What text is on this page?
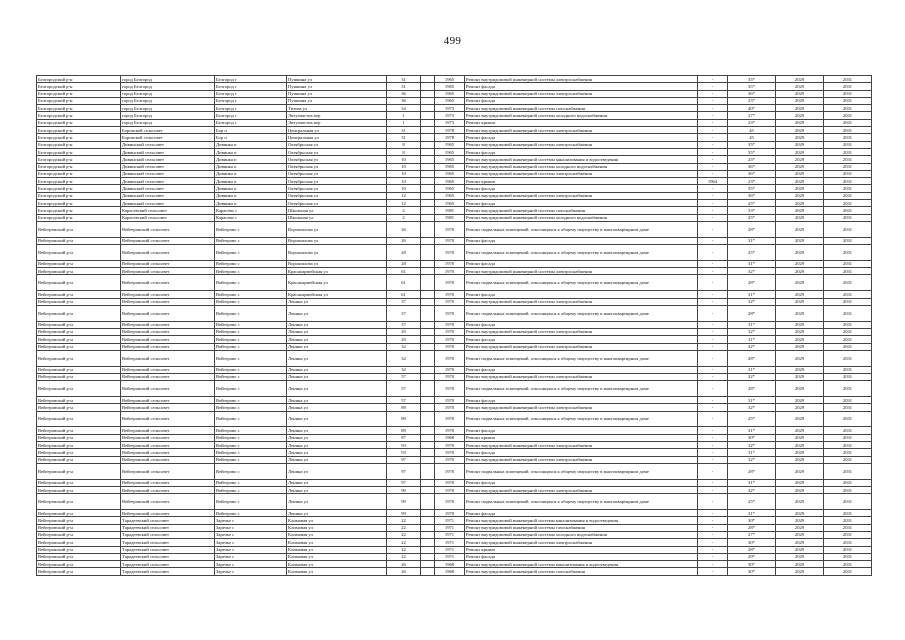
499
Белгородский р-н	город Белгород	Белгород г	Пушкина ул	31		1965	Ремонт внутридомовой инженерной системы электроснабжения	-	35*	2029	2031
Белгородский р-н	город Белгород	Белгород г	Пушкина ул	31		1965	Ремонт фасада	-	35*	2029	2031
Белгородский р-н	город Белгород	Белгород г	Пушкина ул	36		1965	Ремонт внутридомовой инженерной системы электроснабжения	-	36*	2029	2031
Белгородский р-н	город Белгород	Белгород г	Пушкина ул	36		1965	Ремонт фасада	-	23*	2029	2031
Белгородский р-н	город Белгород	Белгород г	Титова ул	34		1973	Ремонт внутридомовой инженерной системы газоснабжения	-	40*	2029	2031
Белгородский р-н	город Белгород	Белгород г	Энтузиастов пер	1		1973	Ремонт внутридомовой инженерной системы холодного водоснабжения	-	27*	2029	2031
Белгородский р-н	город Белгород	Белгород г	Энтузиастов пер	1		1973	Ремонт крыши	-	23*	2029	2031
Белгородский р-н	Боровской сельсовет	Бор п	Центральная ул	31		1978	Ремонт внутридомовой инженерной системы электроснабжения	-	45	2029	2031
Белгородский р-н	Боровской сельсовет	Бор п	Центральная ул	31		1978	Ремонт фасада	-	45	2029	2031
Белгородский р-н	Дивинский сельсовет	Дивинка п	Октябрьская ул	8		1965	Ремонт внутридомовой инженерной системы электроснабжения	-	35*	2029	2031
Белгородский р-н	Дивинский сельсовет	Дивинка п	Октябрьская ул	8		1965	Ремонт фасада	-	35*	2029	2031
Белгородский р-н	Дивинский сельсовет	Дивинка п	Октябрьская ул	10		1965	Ремонт внутридомовой инженерной системы канализования и водоотведения	-	25*	2029	2031
Белгородский р-н	Дивинский сельсовет	Дивинка п	Октябрьская ул	10		1965	Ремонт внутридомовой инженерной системы холодного водоснабжения	-	36*	2029	2031
Белгородский р-н	Дивинский сельсовет	Дивинка п	Октябрьская ул	10		1965	Ремонт внутридомовой инженерной системы электроснабжения	-	36*	2029	2031
Белгородский р-н	Дивинский сельсовет	Дивинка п	Октябрьская ул	10		1965	Ремонт крыши	1964	23*	2029	2031
Белгородский р-н	Дивинский сельсовет	Дивинка п	Октябрьская ул	10		1965	Ремонт фасада	-	35*	2029	2031
Белгородский р-н	Дивинский сельсовет	Дивинка п	Октябрьская ул	12		1965	Ремонт внутридомовой инженерной системы электроснабжения	-	36*	2029	2031
Белгородский р-н	Дивинский сельсовет	Дивинка п	Октябрьская ул	12		1965	Ремонт фасада	-	25*	2029	2031
Белгородский р-н	Карасевский сельсовет	Карасево с	Школьная ул	2		1981	Ремонт внутридомовой инженерной системы газоснабжения	-	33*	2029	2031
Белгородский р-н	Карасевский сельсовет	Карасево с	Школьная ул	2		1981	Ремонт внутридомовой инженерной системы холодного водоснабжения	-	25*	2029	2031
Вейгеровский р-н	Вейгеровский сельсовет	Вейгерово с	Ворошилова ул	26		1970	Ремонт подвальных помещений, относящихся к общему имуществу в многоквартирном доме	-	28*	2029	2031
Вейгеровский р-н	Вейгеровский сельсовет	Вейгерово с	Ворошилова ул	26		1970	Ремонт фасада	-	31*	2029	2031
Вейгеровский р-н	Вейгеровский сельсовет	Вейгерово с	Ворошилова ул	28		1970	Ремонт подвальных помещений, относящихся к общему имуществу в многоквартирном доме	-	25*	2029	2031
Вейгеровский р-н	Вейгеровский сельсовет	Вейгерово с	Ворошилова ул	28		1970	Ремонт фасада	-	31*	2029	2031
Вейгеровский р-н	Вейгеровский сельсовет	Вейгерово с	Красноармейская ул	61		1970	Ремонт внутридомовой инженерной системы электроснабжения	-	32*	2029	2031
Вейгеровский р-н	Вейгеровский сельсовет	Вейгерово с	Красноармейская ул	61		1970	Ремонт подвальных помещений, относящихся к общему имуществу в многоквартирном доме	-	28*	2029	2031
Вейгеровский р-н	Вейгеровский сельсовет	Вейгерово с	Красноармейская ул	61		1970	Ремонт фасада	-	31*	2029	2031
Вейгеровский р-н	Вейгеровский сельсовет	Вейгерово с	Ленина ул	37		1970	Ремонт внутридомовой инженерной системы электроснабжения	-	32*	2029	2031
Вейгеровский р-н	Вейгеровский сельсовет	Вейгерово с	Ленина ул	37		1970	Ремонт подвальных помещений, относящихся к общему имуществу в многоквартирном доме	-	28*	2029	2031
Вейгеровский р-н	Вейгеровский сельсовет	Вейгерово с	Ленина ул	37		1970	Ремонт фасада	-	31*	2029	2031
Вейгеровский р-н	Вейгеровский сельсовет	Вейгерово с	Ленина ул	29		1970	Ремонт внутридомовой инженерной системы электроснабжения	-	32*	2029	2031
Вейгеровский р-н	Вейгеровский сельсовет	Вейгерово с	Ленина ул	29		1970	Ремонт фасада	-	31*	2029	2031
Вейгеровский р-н	Вейгеровский сельсовет	Вейгерово с	Ленина ул	32		1970	Ремонт внутридомовой инженерной системы электроснабжения	-	32*	2029	2031
Вейгеровский р-н	Вейгеровский сельсовет	Вейгерово с	Ленина ул	32		1970	Ремонт подвальных помещений, относящихся к общему имуществу в многоквартирном доме	-	28*	2029	2031
Вейгеровский р-н	Вейгеровский сельсовет	Вейгерово с	Ленина ул	32		1970	Ремонт фасада	-	31*	2029	2031
Вейгеровский р-н	Вейгеровский сельсовет	Вейгерово с	Ленина ул	57		1970	Ремонт внутридомовой инженерной системы электроснабжения	-	32*	2029	2031
Вейгеровский р-н	Вейгеровский сельсовет	Вейгерово с	Ленина ул	57		1970	Ремонт подвальных помещений, относящихся к общему имуществу в многоквартирном доме	-	28*	2029	2031
Вейгеровский р-н	Вейгеровский сельсовет	Вейгерово с	Ленина ул	57		1970	Ремонт фасада	-	31*	2029	2031
Вейгеровский р-н	Вейгеровский сельсовет	Вейгерово с	Ленина ул	89		1970	Ремонт внутридомовой инженерной системы электроснабжения	-	32*	2029	2031
Вейгеровский р-н	Вейгеровский сельсовет	Вейгерово с	Ленина ул	89		1970	Ремонт подвальных помещений, относящихся к общему имуществу в многоквартирном доме	-	25*	2029	2031
Вейгеровский р-н	Вейгеровский сельсовет	Вейгерово с	Ленина ул	89		1970	Ремонт фасада	-	31*	2029	2031
Вейгеровский р-н	Вейгеровский сельсовет	Вейгерово с	Ленина ул	87		1968	Ремонт крыши	-	30*	2029	2031
Вейгеровский р-н	Вейгеровский сельсовет	Вейгерово с	Ленина ул	93		1970	Ремонт внутридомовой инженерной системы электроснабжения	-	32*	2029	2031
Вейгеровский р-н	Вейгеровский сельсовет	Вейгерово с	Ленина ул	93		1970	Ремонт фасада	-	31*	2029	2031
Вейгеровский р-н	Вейгеровский сельсовет	Вейгерово с	Ленина ул	97		1970	Ремонт внутридомовой инженерной системы электроснабжения	-	32*	2029	2031
Вейгеровский р-н	Вейгеровский сельсовет	Вейгерово с	Ленина ул	97		1970	Ремонт подвальных помещений, относящихся к общему имуществу в многоквартирном доме	-	28*	2029	2031
Вейгеровский р-н	Вейгеровский сельсовет	Вейгерово с	Ленина ул	97		1970	Ремонт фасада	-	31*	2029	2031
Вейгеровский р-н	Вейгеровский сельсовет	Вейгерово с	Ленина ул	99		1970	Ремонт внутридомовой инженерной системы электроснабжения	-	32*	2029	2031
Вейгеровский р-н	Вейгеровский сельсовет	Вейгерово с	Ленина ул	99		1970	Ремонт подвальных помещений, относящихся к общему имуществу в многоквартирном доме	-	25*	2029	2031
Вейгеровский р-н	Вейгеровский сельсовет	Вейгерово с	Ленина ул	99		1970	Ремонт фасада	-	31*	2029	2031
Вейгеровский р-н	Тарадеевский сельсовет	Заречье с	Климовая ул	22		1971	Ремонт внутридомовой инженерной системы канализования и водоотведения	-	30*	2029	2031
Вейгеровский р-н	Тарадеевский сельсовет	Заречье с	Климовая ул	22		1971	Ремонт внутридомовой инженерной системы газоснабжения	-	28*	2029	2031
Вейгеровский р-н	Тарадеевский сельсовет	Заречье с	Климовая ул	22		1971	Ремонт внутридомовой инженерной системы холодного водоснабжения	-	27*	2029	2031
Вейгеровский р-н	Тарадеевский сельсовет	Заречье с	Климовая ул	22		1971	Ремонт внутридомовой инженерной системы электроснабжения	-	30*	2029	2031
Вейгеровский р-н	Тарадеевский сельсовет	Заречье с	Климовая ул	22		1971	Ремонт крыши	-	28*	2029	2031
Вейгеровский р-н	Тарадеевский сельсовет	Заречье с	Климовая ул	22		1971	Ремонт фасада	-	29*	2029	2031
Вейгеровский р-н	Тарадеевский сельсовет	Заречье с	Климовая ул	26		1968	Ремонт внутридомовой инженерной системы канализования и водоотведения	-	30*	2029	2031
Вейгеровский р-н	Тарадеевский сельсовет	Заречье с	Климовая ул	26		1968	Ремонт внутридомовой инженерной системы газоснабжения	-	30*	2029	2031
